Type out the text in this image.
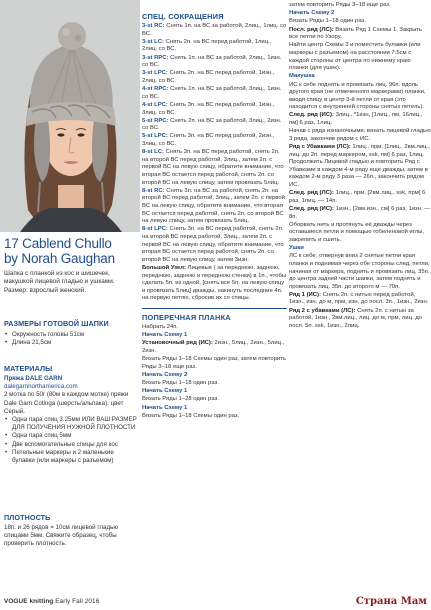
17 Cablend Chullo
by Norah Gaughan
Шапка с планкой из кос и шишечек, макушкой лицевой гладью и ушками. Размер: взрослый женский.
РАЗМЕРЫ ГОТОВОЙ ШАПКИ
• Окружность головы 51см
• Длина 21,5см
МАТЕРИАЛЫ
Пряжа DALE GARN
dalegarnnorthamerica.com
2 мотка по 50г (80м в каждом мотке) пряжи Dale Garn Cotinga (шерсть/альпака), цвет Серый.
• Одна пара спиц 3.25мм ИЛИ ВАШ РАЗМЕР ДЛЯ ПОЛУЧЕНИЯ НУЖНОЙ ПЛОТНОСТИ
• Одна пара спиц 5мм
• Две вспомогательные спицы для кос
• Петельные маркеры и 2 маленькие булавки (или маркеры с разъемом)
ПЛОТНОСТЬ
18п. и 26 рядов = 10см лицевой гладью спицами 5мм. Свяжите образец, чтобы проверить плотность.
VOGUE knitting Early Fall 2016	Страна Мам
СПЕЦ. СОКРАЩЕНИЯ

3-st RC: Снять 1п. на ВС за работой, 2лиц., 1лиц. со ВС.

3-st LC: Снять 2п. на ВС перед работой, 1лиц., 2лиц. со ВС.

3-st RPC: Снять 1п. на ВС за работой, 2лиц., 1изн. со ВС.

3-st LPC: Снять 2п. на ВС перед работой, 1изн., 2лиц. со ВС.

4-st RPC: Снять 1п. на ВС за работой, 3лиц., 1изн. со ВС.

4-st LPC: Снять 3п. на ВС перед работой, 1изн., 3лиц. со ВС.

5-st RPC: Снять 2п. на ВС за работой, 3лиц., 2изн. со ВС.

5-st LPC: Снять 3п. на ВС перед работой, 2изн., 3лиц. со ВС.

8-st LC: Снять 3п. на ВС перед работой, снять 2п. на второй ВС перед работой, 3лиц., затем 2п. с первой ВС на левую спицу, обратите внимание, что вторая ВС остается перед работой, снять 2п. со второй ВС на левую спицу, затем провязать 5лиц.

8-st RC: Снять 3п. на ВС за работой, снять 2п. на второй ВС перед работой, 3лиц., затем 2п. с первой ВС на левую спицу, обратите внимание, что вторая ВС остается перед работой, снять 2п. со второй ВС на левую спицу, затем провязать 5лиц.

8-st LPC: Снять 3п. на ВС перед работой, снять 2п. на второй ВС перед работой, 3лиц., затем 2п. с первой ВС на левую спицу, обратите внимание, что вторая ВС остается перед работой, снять 2п. со второй ВС на левую спицу, затем 3изн.

Большой Узел: Лицевые ( за переднюю, заднюю, переднюю, заднюю и переднюю стенки) в 1п., чтобы сделать 5п. из одной, [снять все 5п. на левую спицу и провязать 5лиц] дважды, накинуть последние 4п. на первую петлю, сбросив их со спицы.

ПОПЕРЕЧНАЯ ПЛАНКА

Набрать 24п.

Начать Схему 1

Установочный ряд (ИС): 2изн., 5лиц., 2изн., 5лиц., 2изн.

Вязать Ряды 1–18 Схемы один раз, затем повторить Ряды 3–18 еще раз.

Начать Схему 2

Вязать Ряды 1–18 один раз.

Начать Схему 1

Вязать Ряды 1–28 один раз.

Начать Схему 1

Вязать Ряды 1–18 Схемы один раз,

затем повторить Ряды 3–18 еще раз.

Начать Схему 2

Вязать Ряды 1–18 один раз.

Посл. ряд (ЛС): Вязать Ряд 1 Схемы 1. Закрыть все петли по Узору.

Найти центр Схемы 3 и поместить булавки (или маркеры с разъемом) на расстоянии 7.5см с каждой стороны от центра по нижнему краю планки (для ушек).

Макушка

ИС к себе поднять и провязать лиц. 96п. вдоль другого края (не отмеченного маркерами) планки, вводя спицу в центр 3-й петли от края (это находится с внутренней стороны снятых петель).

След. ряд (ИС): 3лиц., *1изн, [1лиц., пм, 16лиц., пм] 6 раз, 1лиц.

Начав с ряда изнаночными, вязать лицевой гладью 3 ряда, закончив рядом с ИС.

Ряд с Убавками (ЛС): 1лиц., прм, [1лиц., 2вм.лиц., лиц. до 2п. перед маркером, ssk, пм] 6 раз, 1лиц. Продолжить Лицевой гладью и повторить Ряд с Убавками в каждом 4-м ряду еще дважды, затем в каждом 2-м ряду 3 раза — 26п., закончить рядом ИС.

След. ряд (ЛС): 1лиц., прм, [2вм.лиц., ssk, прм] 6 раз, 1лиц. — 14п.

След. ряд (ИС): 1изн., [2вм.изн., см] 6 раз, 1изн. — 8п.

Оборвать нить и протянуть её дважды через оставшиеся петли и помощью гобеленовой иглы, закрепить и сшить.

Ушки

ЛС к себе, отвернув вниз 2 снятые петли края планки и поднимая через обе стороны след. петли, начиная от маркера, поднять и провязать лиц. 35п. до центра задней части шапки, затем поднять и провязать лиц. 35п. до второго м — 70п.

Ряд 1 (ИС): Снять 2п. с нитью перед работой, 1изн., изн. до м, прм, изн. до посл. 3п., 1изн., 2изн.

Ряд 2 с убавками (ЛС): Снять 2п. с нитью за работой, 1изн., 2вм.лиц., лиц. до м, прм, лиц. до посл. 5п. ssk, 1изн., 2лиц.
